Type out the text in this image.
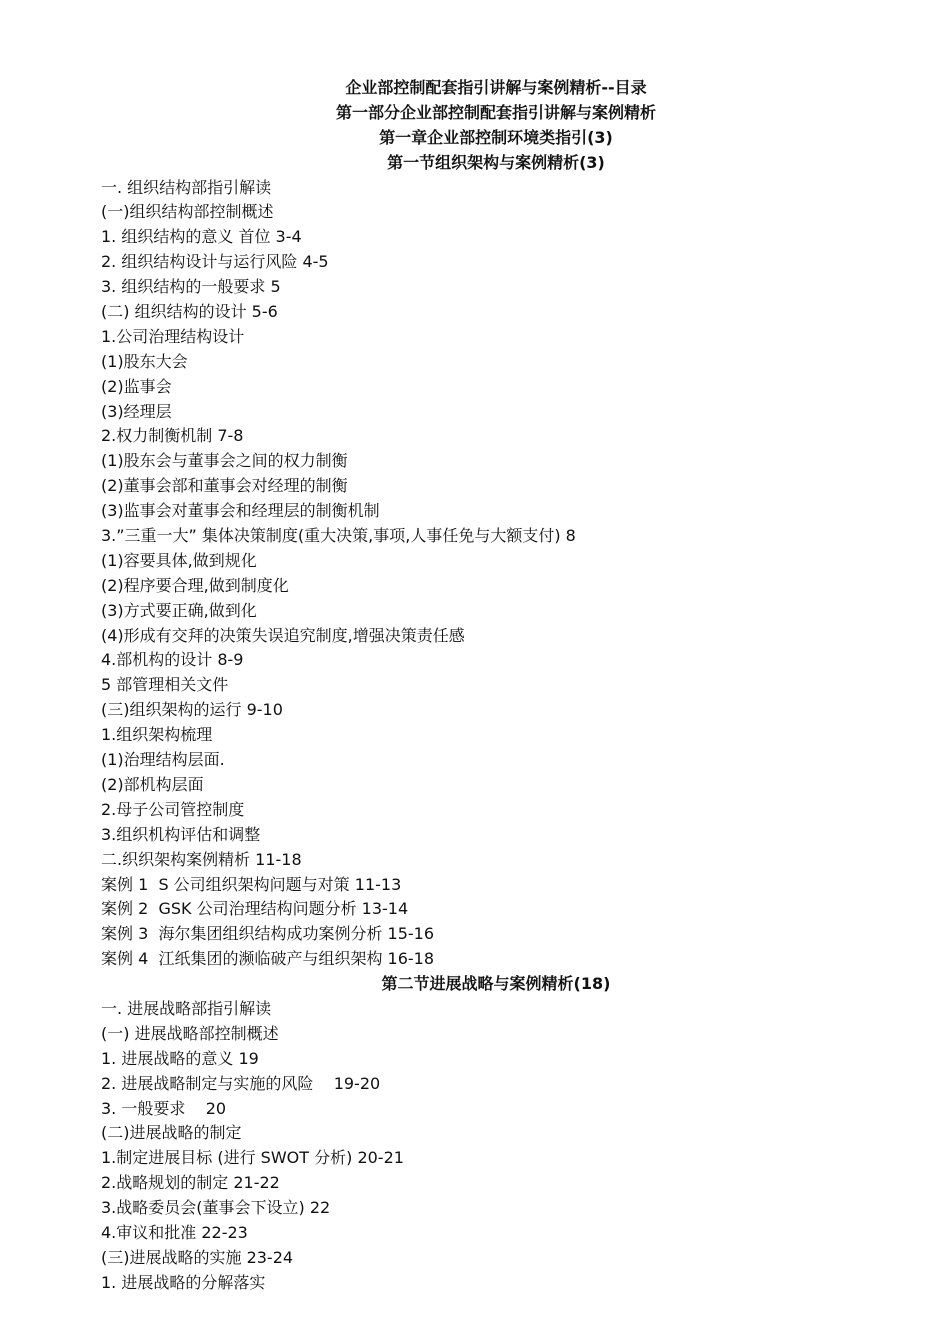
企业部控制配套指引讲解与案例精析--目录
第一部分企业部控制配套指引讲解与案例精析
第一章企业部控制环境类指引(3)
第一节组织架构与案例精析(3)
一. 组织结构部指引解读
(一)组织结构部控制概述
1. 组织结构的意义 首位 3-4
2. 组织结构设计与运行风险 4-5
3. 组织结构的一般要求 5
(二) 组织结构的设计 5-6
1.公司治理结构设计
(1)股东大会
(2)监事会
(3)经理层
2.权力制衡机制 7-8
(1)股东会与董事会之间的权力制衡
(2)董事会部和董事会对经理的制衡
(3)监事会对董事会和经理层的制衡机制
3.”三重一大” 集体决策制度(重大决策,事项,人事任免与大额支付) 8
(1)容要具体,做到规化
(2)程序要合理,做到制度化
(3)方式要正确,做到化
(4)形成有交拜的决策失误追究制度,增强决策责任感
4.部机构的设计 8-9
5 部管理相关文件
(三)组织架构的运行 9-10
1.组织架构梳理
(1)治理结构层面.
(2)部机构层面
2.母子公司管控制度
3.组织机构评估和调整
二.织织架构案例精析 11-18
案例 1  S 公司组织架构问题与对策 11-13
案例 2  GSK 公司治理结构问题分析 13-14
案例 3  海尔集团组织结构成功案例分析 15-16
案例 4  江纸集团的濒临破产与组织架构 16-18
第二节进展战略与案例精析(18)
一. 进展战略部指引解读
(一) 进展战略部控制概述
1. 进展战略的意义 19
2. 进展战略制定与实施的风险    19-20
3. 一般要求    20
(二)进展战略的制定
1.制定进展目标 (进行 SWOT 分析) 20-21
2.战略规划的制定 21-22
3.战略委员会(董事会下设立) 22
4.审议和批准 22-23
(三)进展战略的实施 23-24
1. 进展战略的分解落实
